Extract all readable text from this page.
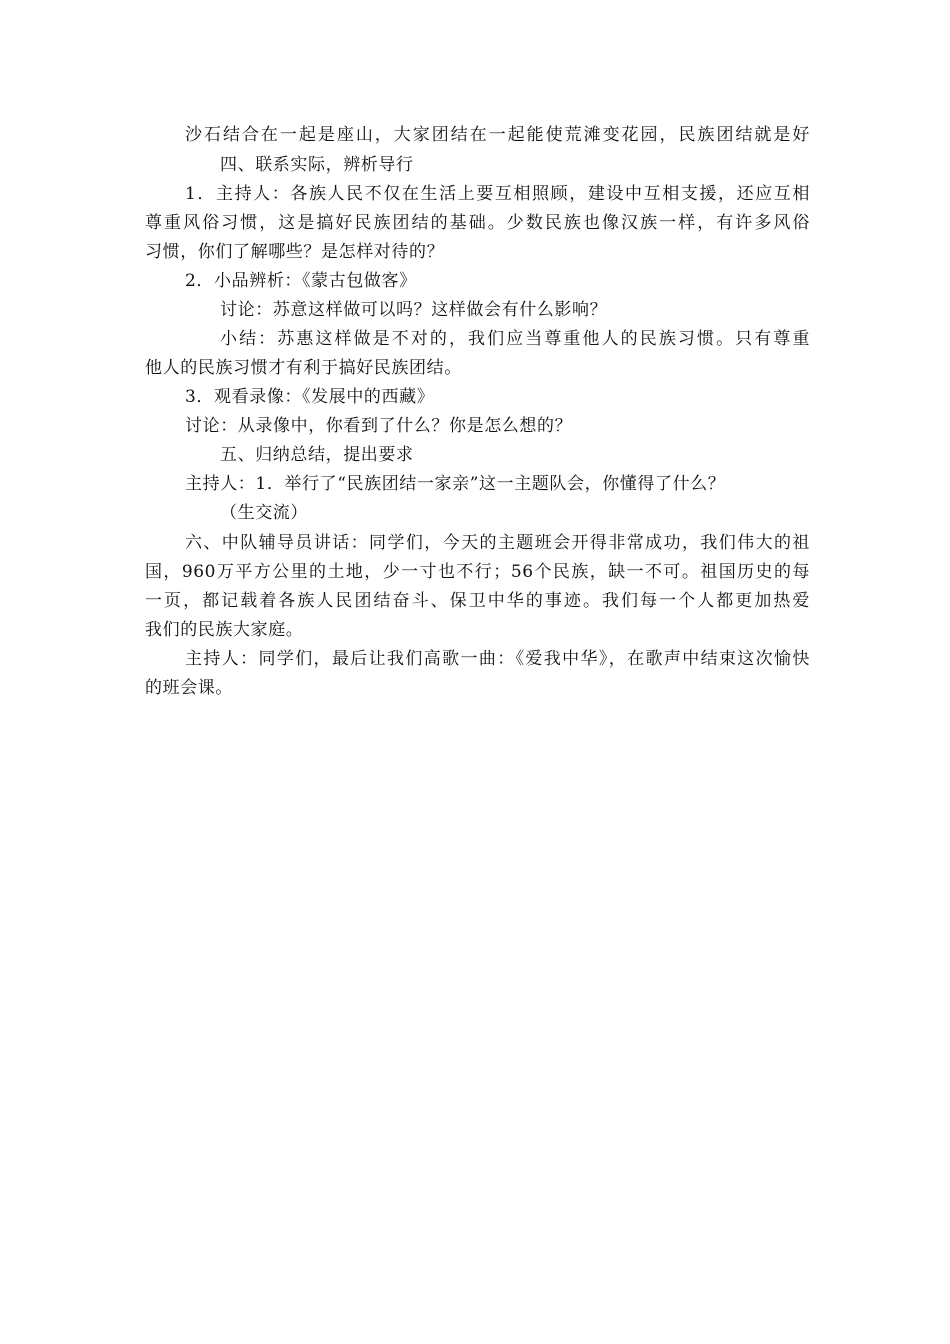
沙石结合在一起是座山，大家团结在一起能使荒滩变花园，民族团结就是好
四、联系实际，辨析导行
1．主持人：各族人民不仅在生活上要互相照顾，建设中互相支援，还应互相
尊重风俗习惯，这是搞好民族团结的基础。少数民族也像汉族一样，有许多风俗
习惯，你们了解哪些？是怎样对待的？
2．小品辨析：《蒙古包做客》
讨论：苏意这样做可以吗？这样做会有什么影响？
小结：苏惠这样做是不对的，我们应当尊重他人的民族习惯。只有尊重
他人的民族习惯才有利于搞好民族团结。
3．观看录像：《发展中的西藏》
讨论：从录像中，你看到了什么？你是怎么想的？
五、归纳总结，提出要求
主持人：1．举行了“民族团结一家亲”这一主题队会，你懂得了什么？
（生交流）
六、中队辅导员讲话：同学们，今天的主题班会开得非常成功，我们伟大的祖
国，960万平方公里的土地，少一寸也不行；56个民族，缺一不可。祖国历史的每
一页，都记载着各族人民团结奋斗、保卫中华的事迹。我们每一个人都更加热爱
我们的民族大家庭。
主持人：同学们，最后让我们高歌一曲：《爱我中华》，在歌声中结束这次愉快
的班会课。
